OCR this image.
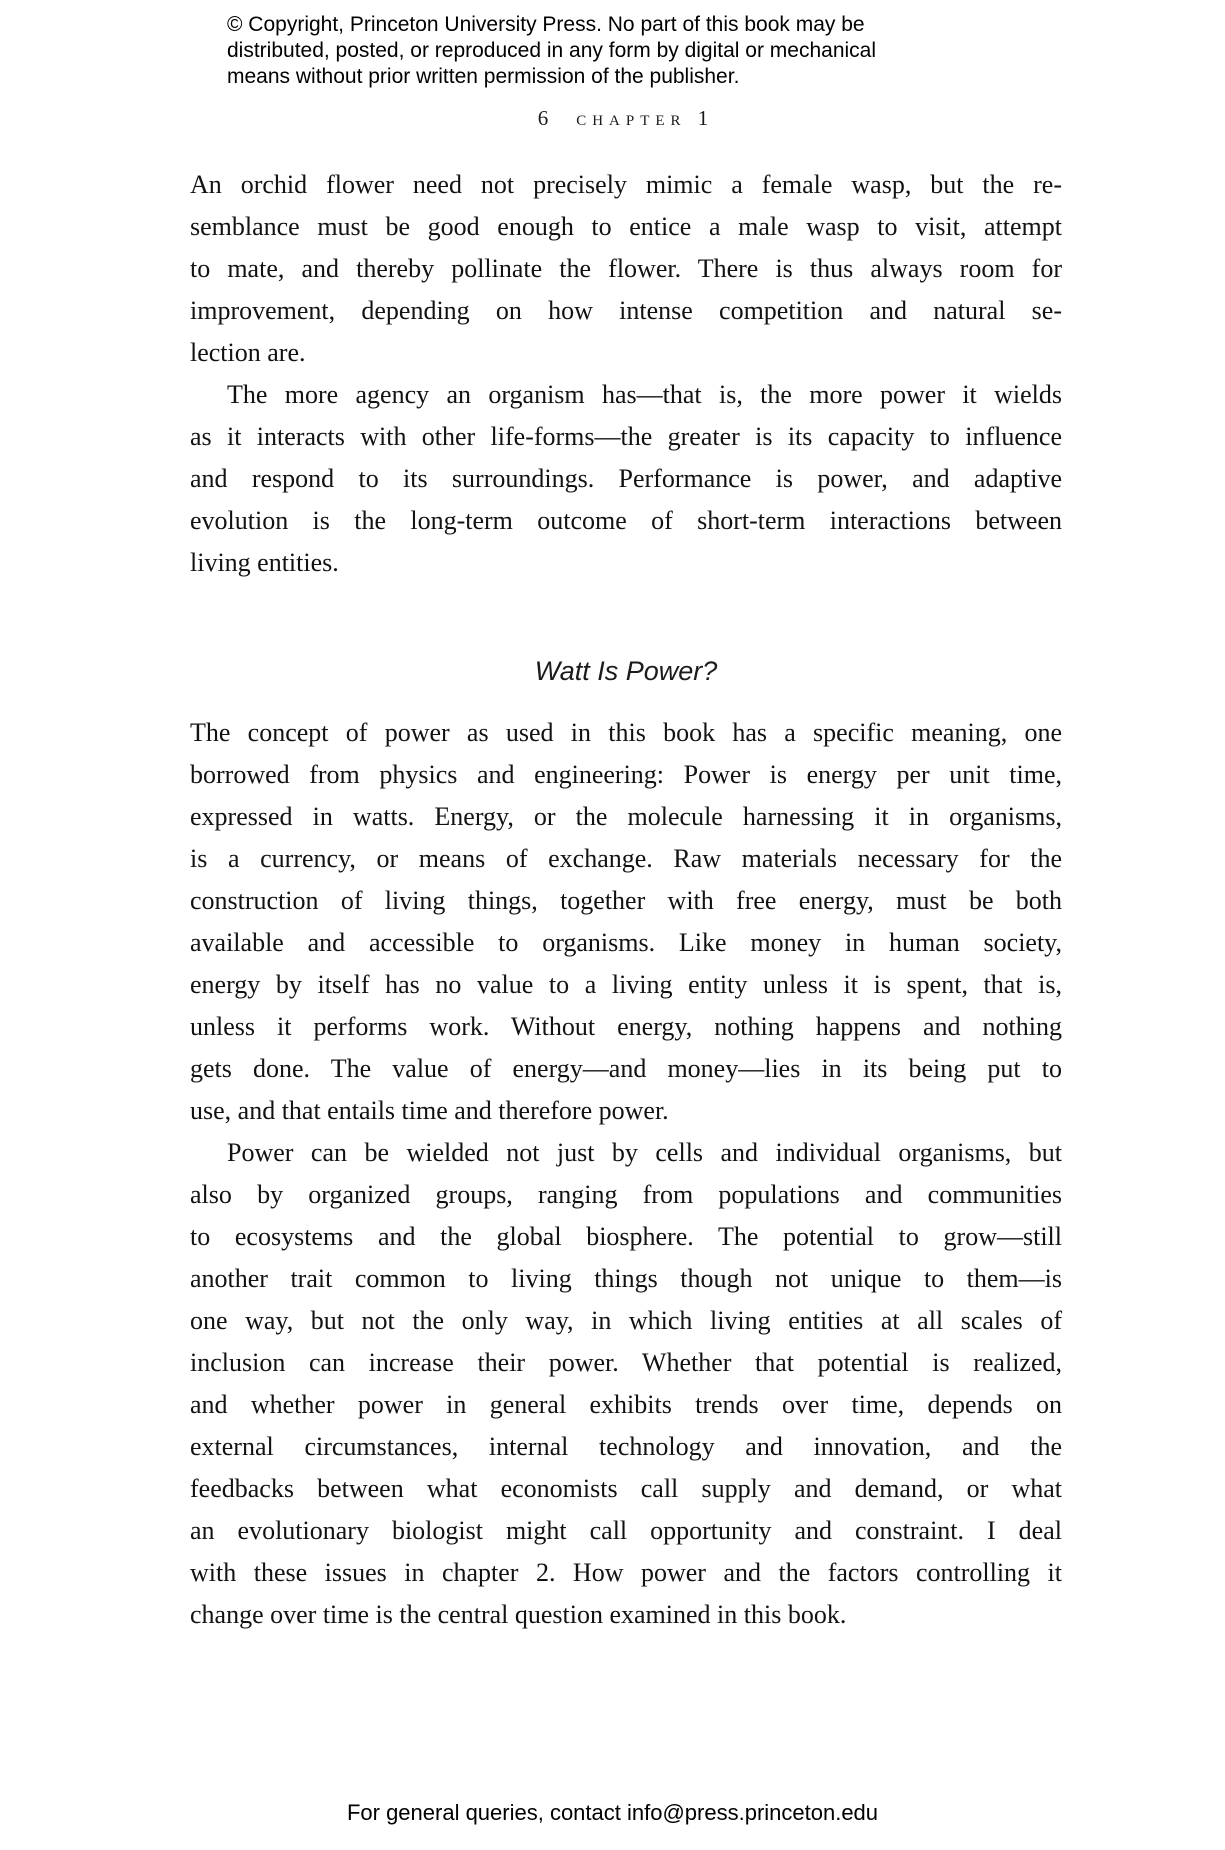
© Copyright, Princeton University Press. No part of this book may be
distributed, posted, or reproduced in any form by digital or mechanical
means without prior written permission of the publisher.
6 chapter 1
An orchid flower need not precisely mimic a female wasp, but the re-
semblance must be good enough to entice a male wasp to visit, attempt
to mate, and thereby pollinate the flower. There is thus always room for
improvement, depending on how intense competition and natural se-
lection are.
The more agency an organism has—that is, the more power it wields
as it interacts with other life-forms—the greater is its capacity to influence
and respond to its surroundings. Performance is power, and adaptive
evolution is the long-term outcome of short-term interactions between
living entities.
Watt Is Power?
The concept of power as used in this book has a specific meaning, one
borrowed from physics and engineering: Power is energy per unit time,
expressed in watts. Energy, or the molecule harnessing it in organisms,
is a currency, or means of exchange. Raw materials necessary for the
construction of living things, together with free energy, must be both
available and accessible to organisms. Like money in human society,
energy by itself has no value to a living entity unless it is spent, that is,
unless it performs work. Without energy, nothing happens and nothing
gets done. The value of energy—and money—lies in its being put to
use, and that entails time and therefore power.
Power can be wielded not just by cells and individual organisms, but
also by organized groups, ranging from populations and communities
to ecosystems and the global biosphere. The potential to grow—still
another trait common to living things though not unique to them—is
one way, but not the only way, in which living entities at all scales of
inclusion can increase their power. Whether that potential is realized,
and whether power in general exhibits trends over time, depends on
external circumstances, internal technology and innovation, and the
feedbacks between what economists call supply and demand, or what
an evolutionary biologist might call opportunity and constraint. I deal
with these issues in chapter 2. How power and the factors controlling it
change over time is the central question examined in this book.
For general queries, contact info@press.princeton.edu
